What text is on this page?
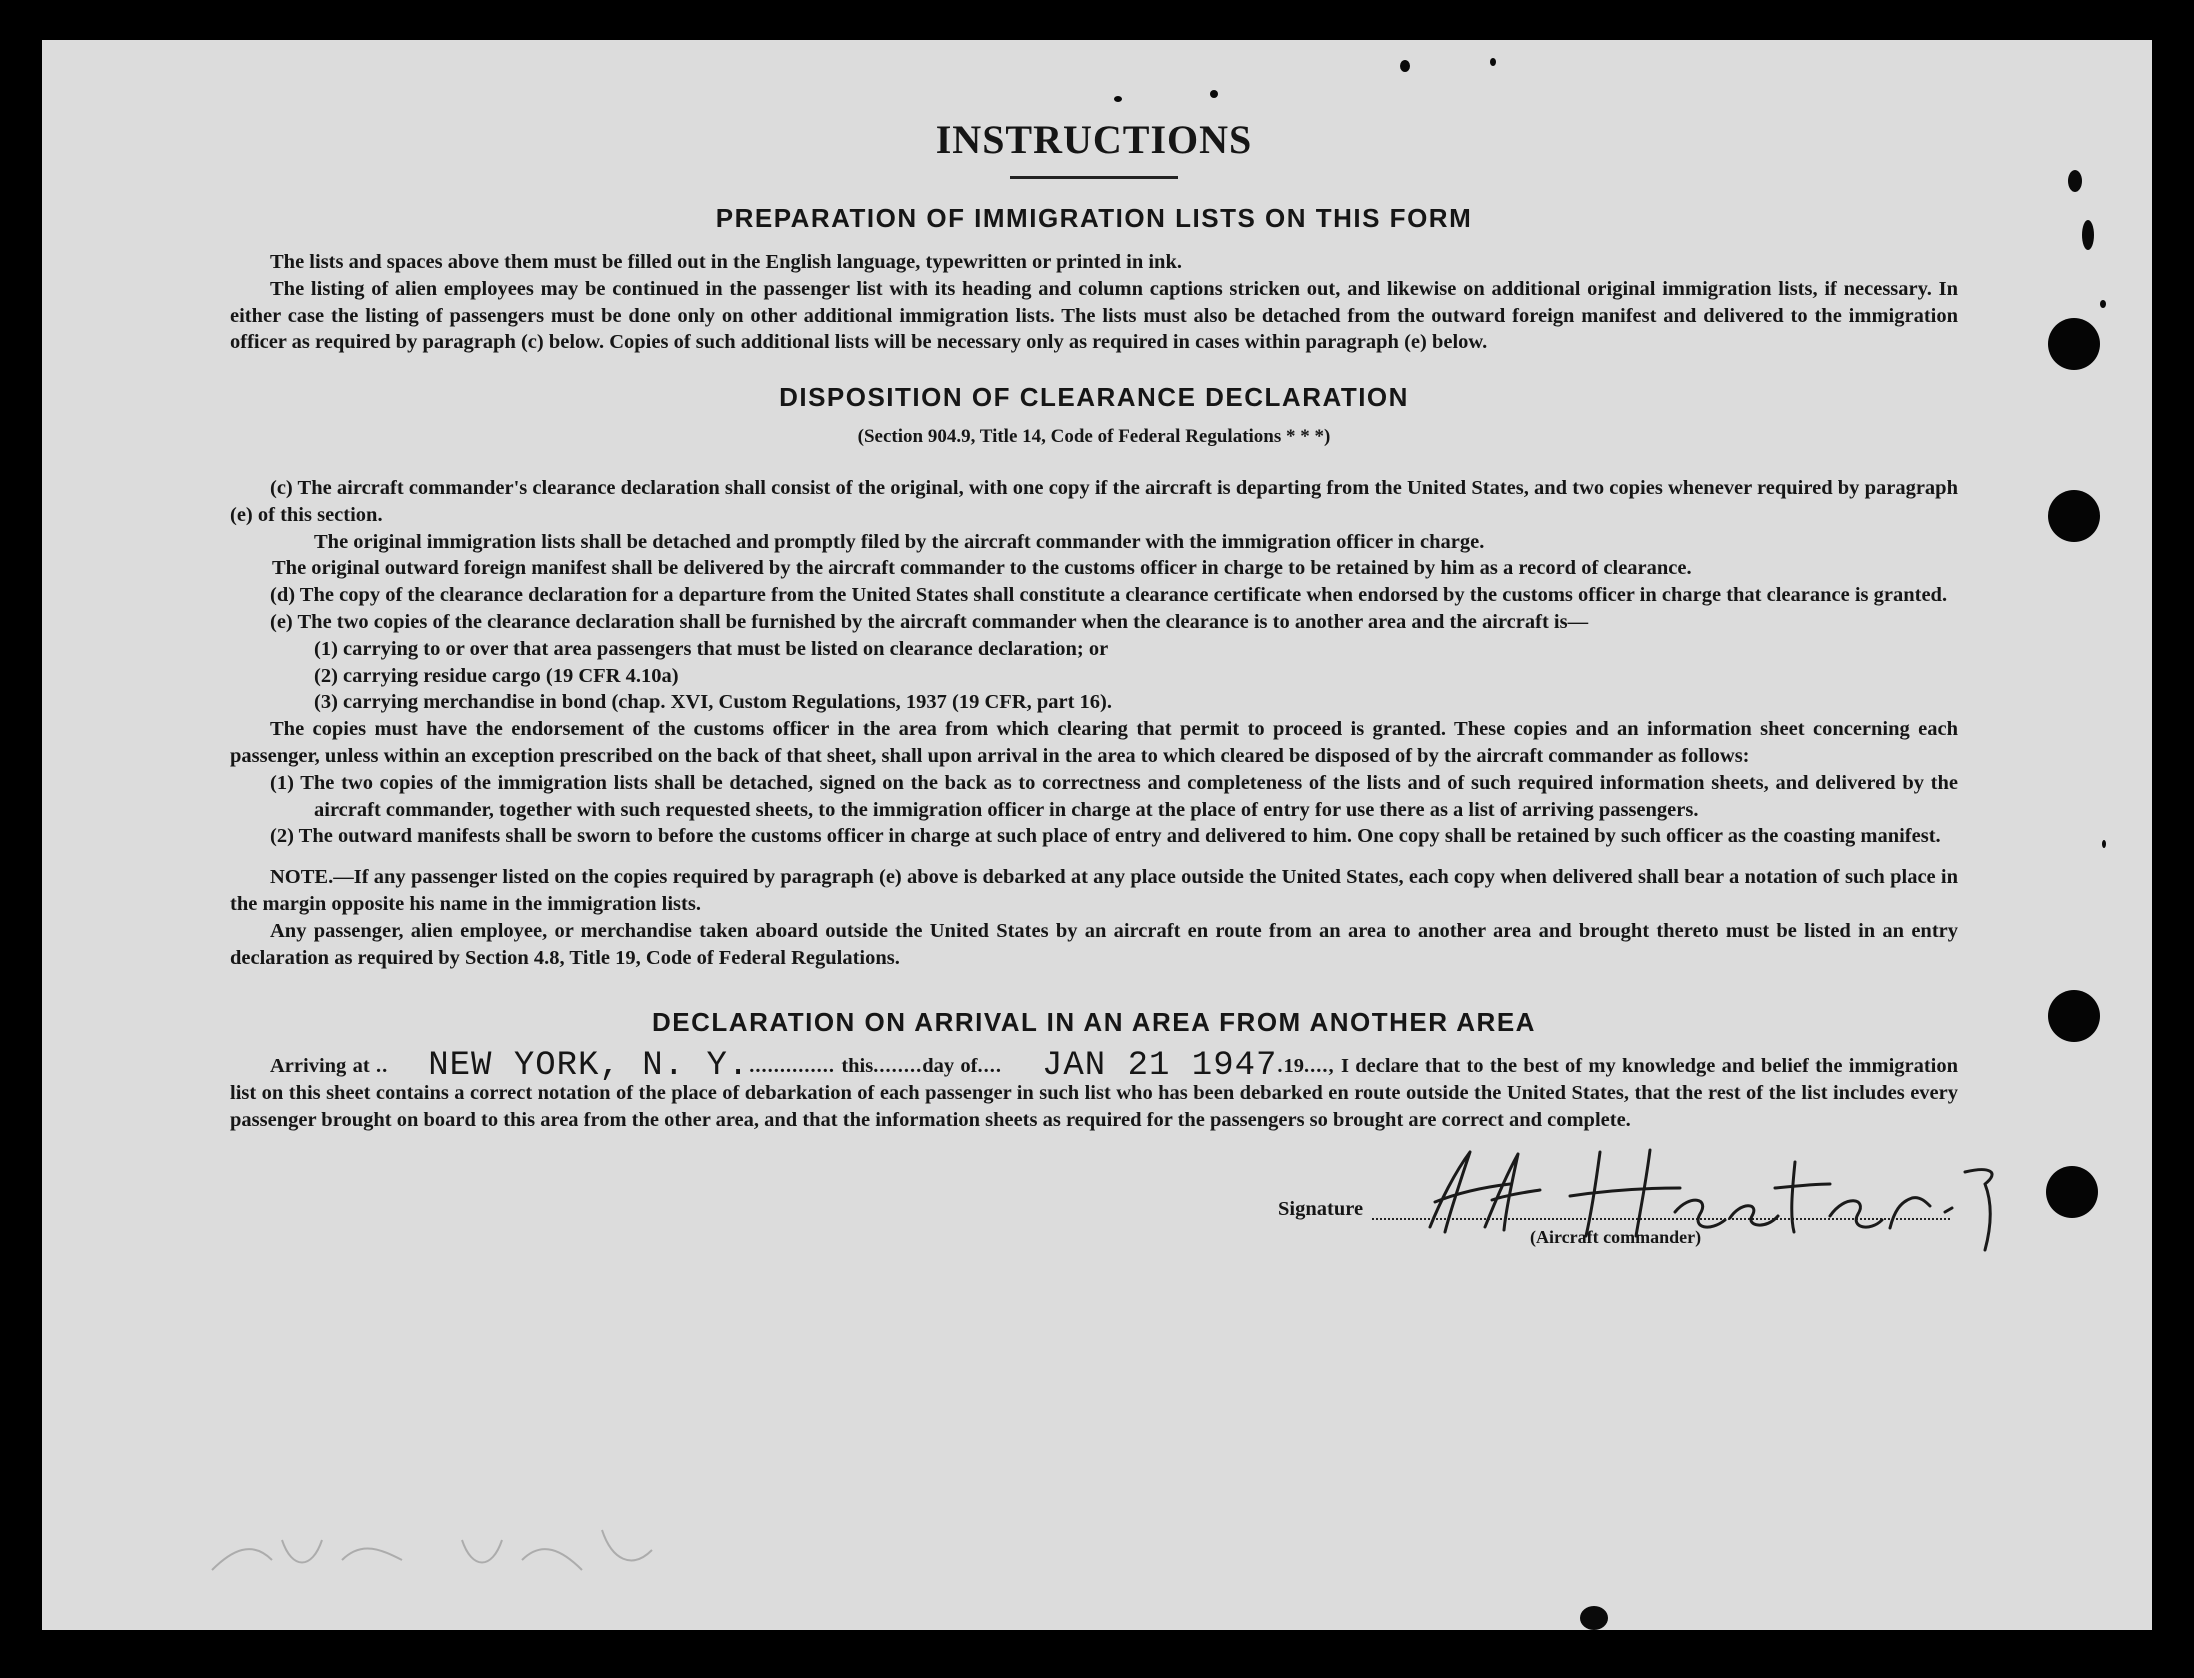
INSTRUCTIONS
PREPARATION OF IMMIGRATION LISTS ON THIS FORM

The lists and spaces above them must be filled out in the English language, typewritten or printed in ink.

The listing of alien employees may be continued in the passenger list with its heading and column captions stricken out, and likewise on additional original immigration lists, if necessary. In either case the listing of passengers must be done only on other additional immigration lists. The lists must also be detached from the outward foreign manifest and delivered to the immigration officer as required by paragraph (c) below. Copies of such additional lists will be necessary only as required in cases within paragraph (e) below.

DISPOSITION OF CLEARANCE DECLARATION
(Section 904.9, Title 14, Code of Federal Regulations * * *)

(c) The aircraft commander's clearance declaration shall consist of the original, with one copy if the aircraft is departing from the United States, and two copies whenever required by paragraph (e) of this section.

The original immigration lists shall be detached and promptly filed by the aircraft commander with the immigration officer in charge.

The original outward foreign manifest shall be delivered by the aircraft commander to the customs officer in charge to be retained by him as a record of clearance.

(d) The copy of the clearance declaration for a departure from the United States shall constitute a clearance certificate when endorsed by the customs officer in charge that clearance is granted.

(e) The two copies of the clearance declaration shall be furnished by the aircraft commander when the clearance is to another area and the aircraft is—

(1) carrying to or over that area passengers that must be listed on clearance declaration; or

(2) carrying residue cargo (19 CFR 4.10a)

(3) carrying merchandise in bond (chap. XVI, Custom Regulations, 1937 (19 CFR, part 16).

The copies must have the endorsement of the customs officer in the area from which clearing that permit to proceed is granted. These copies and an information sheet concerning each passenger, unless within an exception prescribed on the back of that sheet, shall upon arrival in the area to which cleared be disposed of by the aircraft commander as follows:

(1) The two copies of the immigration lists shall be detached, signed on the back as to correctness and completeness of the lists and of such required information sheets, and delivered by the aircraft commander, together with such requested sheets, to the immigration officer in charge at the place of entry for use there as a list of arriving passengers.

(2) The outward manifests shall be sworn to before the customs officer in charge at such place of entry and delivered to him. One copy shall be retained by such officer as the coasting manifest.

NOTE.—If any passenger listed on the copies required by paragraph (e) above is debarked at any place outside the United States, each copy when delivered shall bear a notation of such place in the margin opposite his name in the immigration lists.

Any passenger, alien employee, or merchandise taken aboard outside the United States by an aircraft en route from an area to another area and brought thereto must be listed in an entry declaration as required by Section 4.8, Title 19, Code of Federal Regulations.

DECLARATION ON ARRIVAL IN AN AREA FROM ANOTHER AREA

Arriving at .. NEW YORK, N. Y............... this........day of.... JAN 21 1947.19...., I declare that to the best of my knowledge and belief the immigration list on this sheet contains a correct notation of the place of debarkation of each passenger in such list who has been debarked en route outside the United States, that the rest of the list includes every passenger brought on board to this area from the other area, and that the information sheets as required for the passengers so brought are correct and complete.

Signature
(Aircraft commander)
